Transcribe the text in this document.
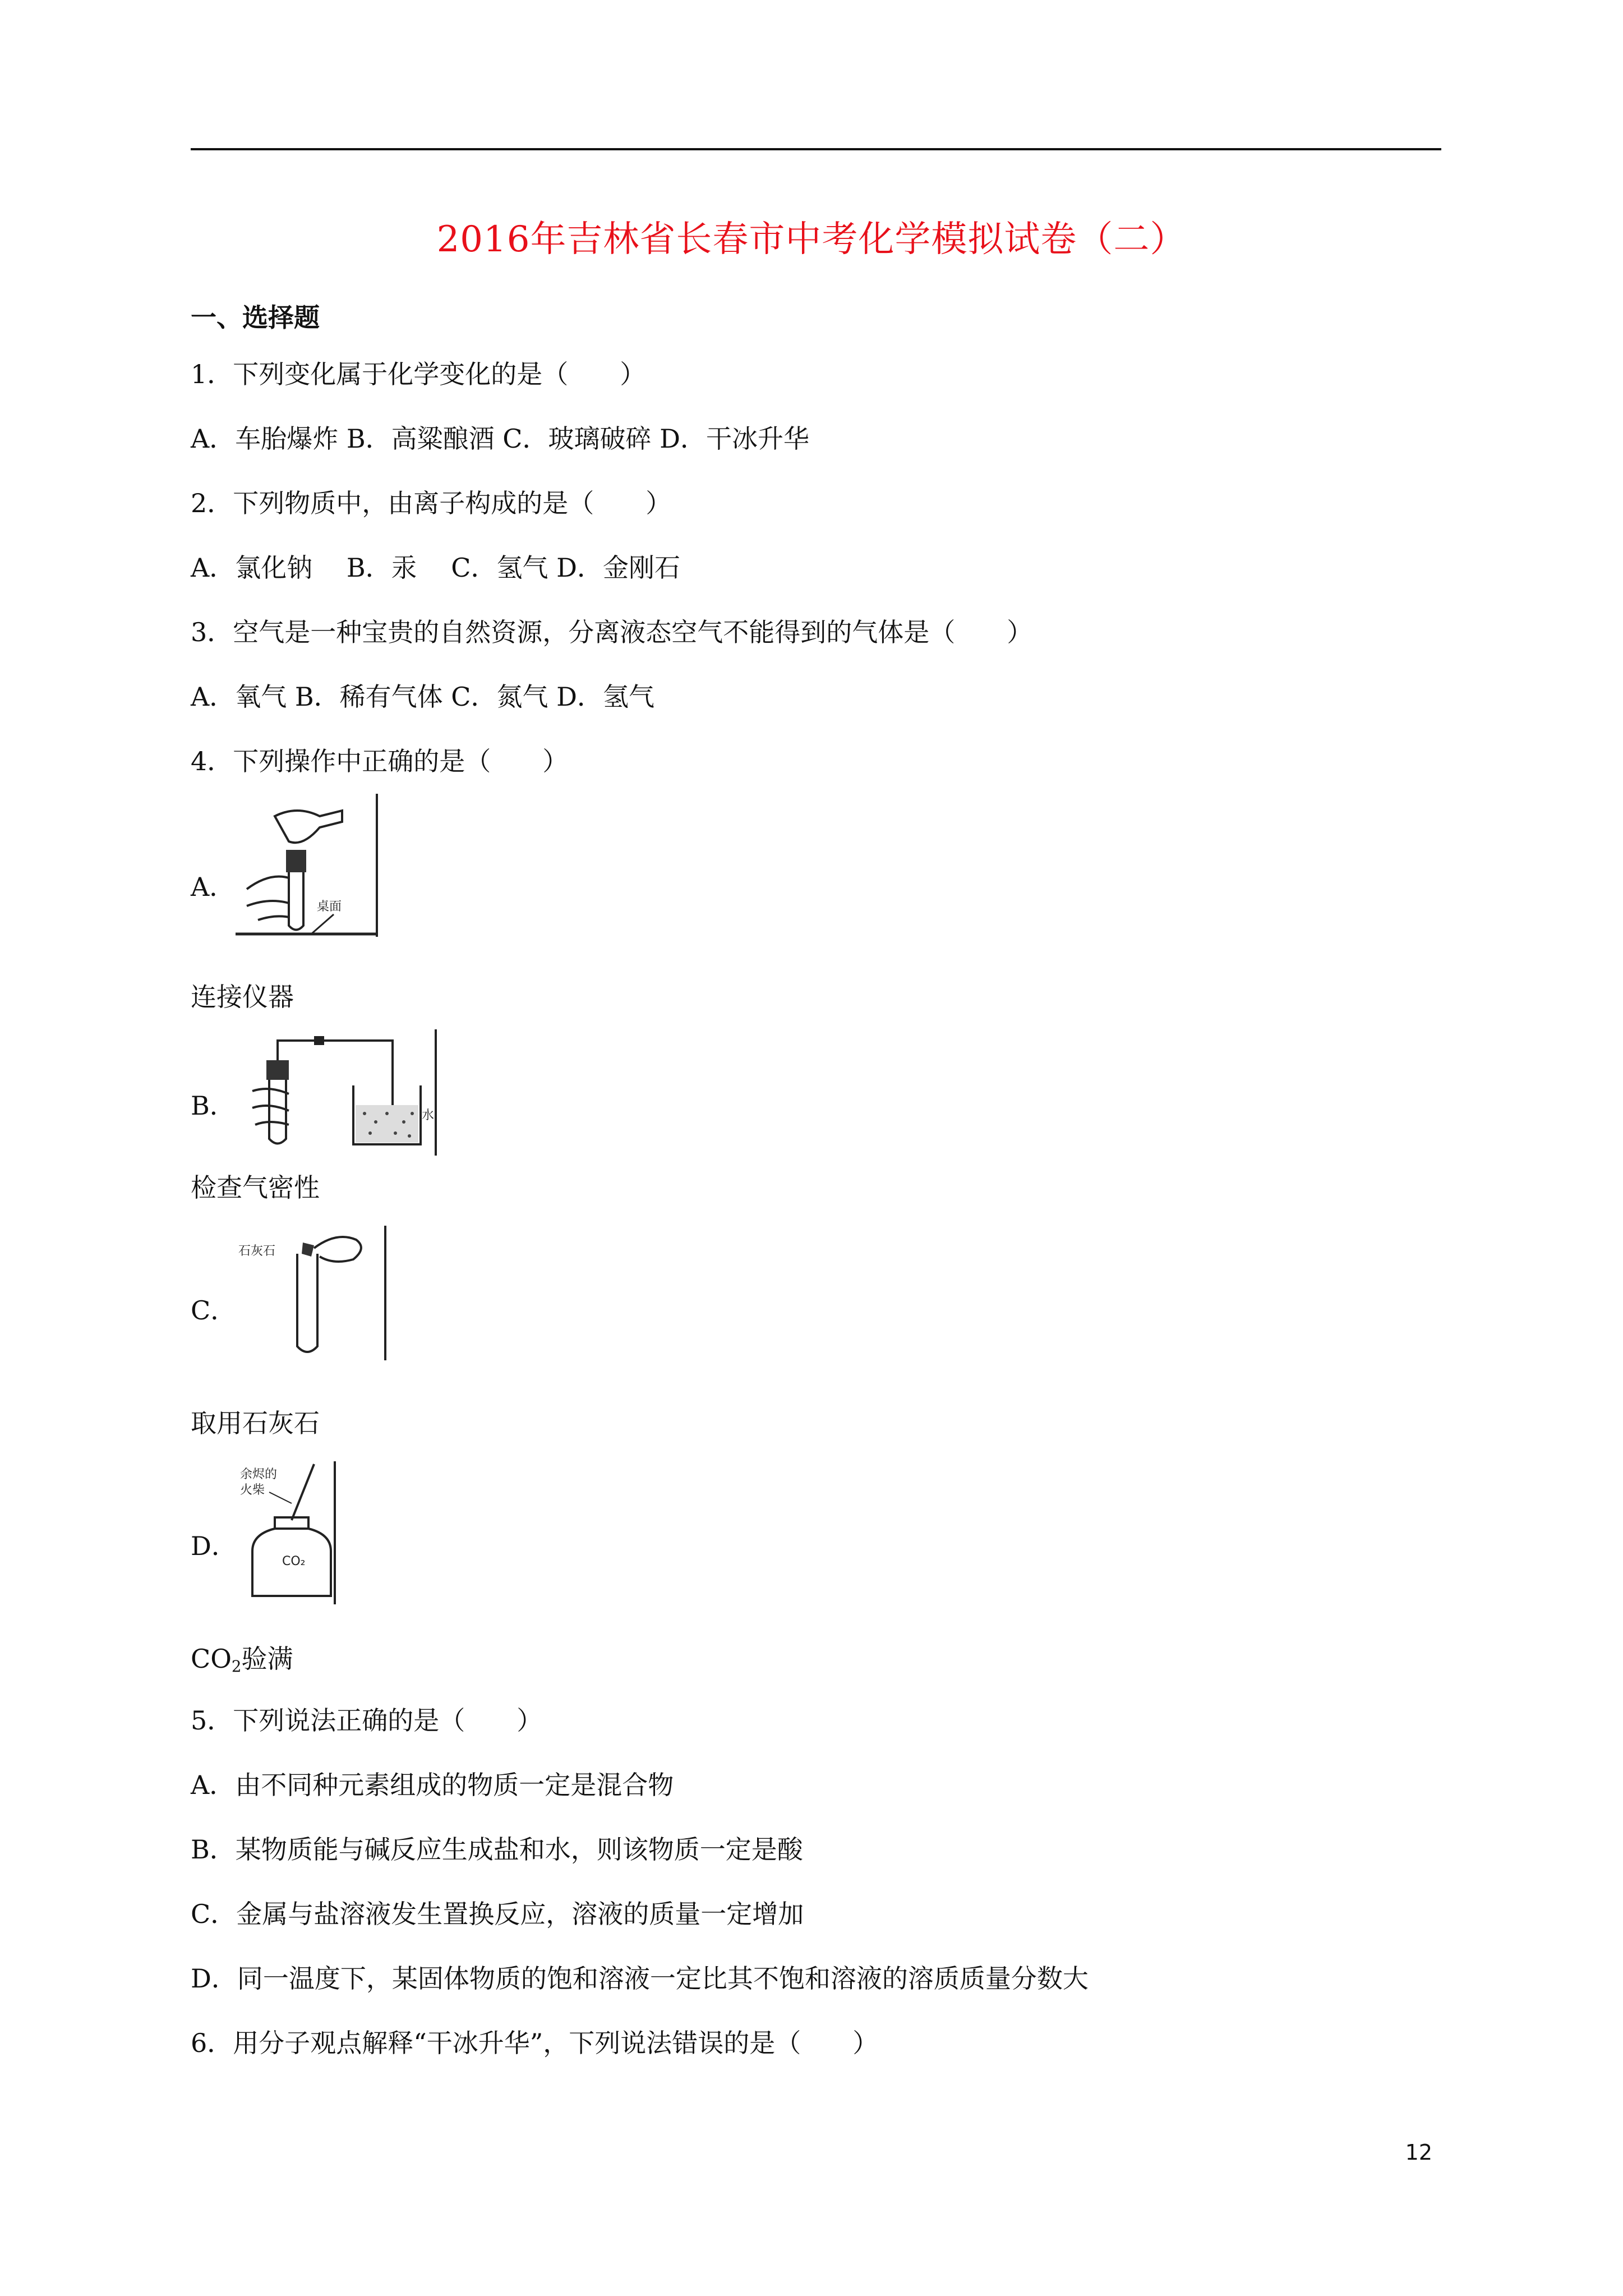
2016年吉林省长春市中考化学模拟试卷（二）
一、选择题
1．下列变化属于化学变化的是（　　）
A．车胎爆炸 B．高粱酿酒 C．玻璃破碎 D．干冰升华
2．下列物质中，由离子构成的是（　　）
A．氯化钠　 B．汞　 C．氢气 D．金刚石
3．空气是一种宝贵的自然资源，分离液态空气不能得到的气体是（　　）
A．氧气 B．稀有气体 C．氮气 D．氢气
4．下列操作中正确的是（　　）
A．
桌面
连接仪器
B．	水
检查气密性
C．
石灰石
取用石灰石
D．
余烬的
火柴
CO₂
$CO_2$验满
5．下列说法正确的是（　　）
A．由不同种元素组成的物质一定是混合物
B．某物质能与碱反应生成盐和水，则该物质一定是酸
C．金属与盐溶液发生置换反应，溶液的质量一定增加
D．同一温度下，某固体物质的饱和溶液一定比其不饱和溶液的溶质质量分数大
6．用分子观点解释“干冰升华”，下列说法错误的是（　　）
12
